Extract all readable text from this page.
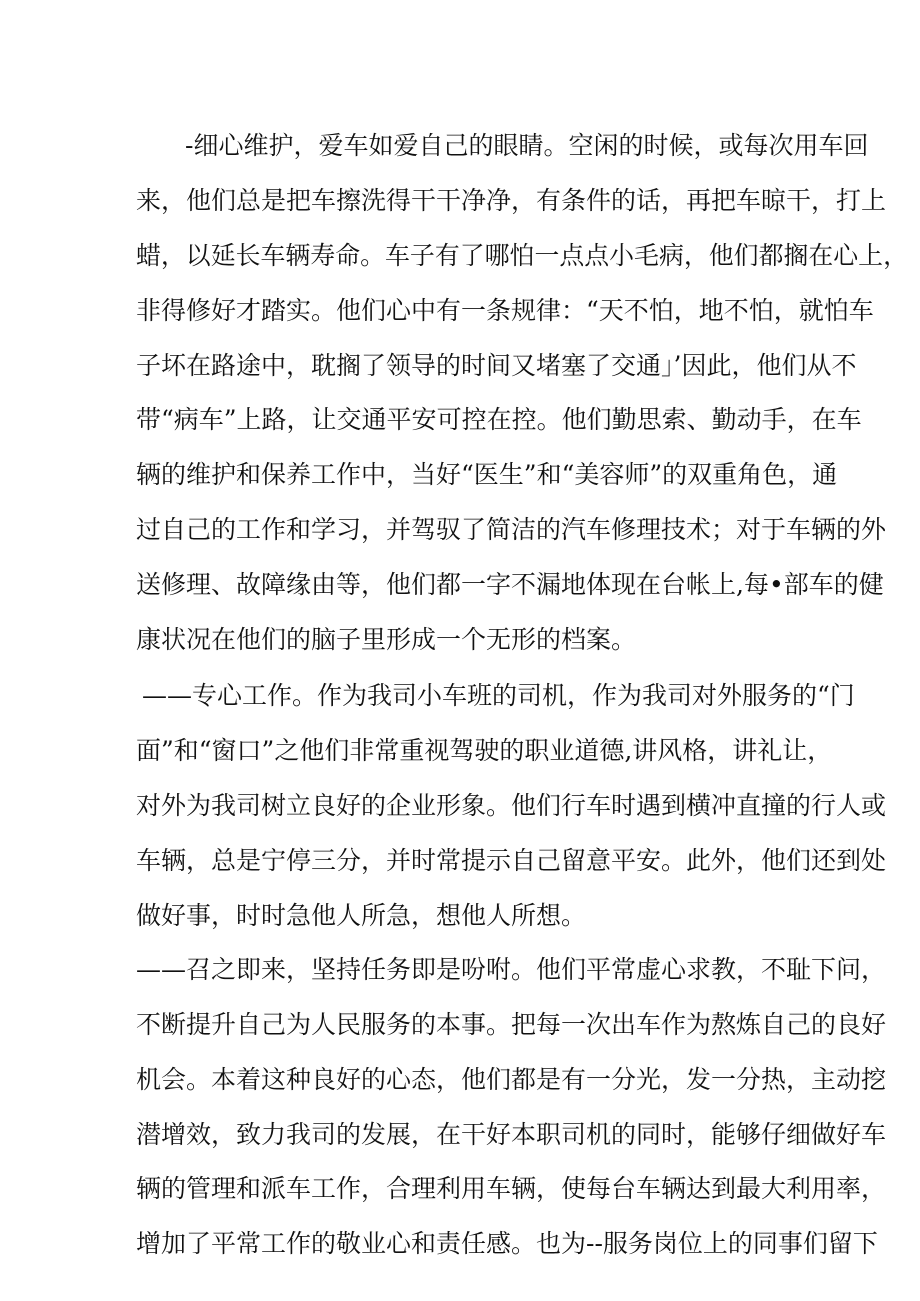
-细心维护，爱车如爱自己的眼睛。空闲的时候，或每次用车回
来，他们总是把车擦洗得干干净净，有条件的话，再把车晾干，打上
蜡，以延长车辆寿命。车子有了哪怕一点点小毛病，他们都搁在心上，
非得修好才踏实。他们心中有一条规律：“天不怕，地不怕，就怕车
子坏在路途中，耽搁了领导的时间又堵塞了交通」’因此，他们从不
带“病车”上路，让交通平安可控在控。他们勤思索、勤动手，在车
辆的维护和保养工作中，当好“医生”和“美容师”的双重角色，通
过自己的工作和学习，并驾驭了简洁的汽车修理技术；对于车辆的外
送修理、故障缘由等，他们都一字不漏地体现在台帐上,每•部车的健
康状况在他们的脑子里形成一个无形的档案。
——专心工作。作为我司小车班的司机，作为我司对外服务的“门
面”和“窗口”之他们非常重视驾驶的职业道德,讲风格，讲礼让，
对外为我司树立良好的企业形象。他们行车时遇到横冲直撞的行人或
车辆，总是宁停三分，并时常提示自己留意平安。此外，他们还到处
做好事，时时急他人所急，想他人所想。
——召之即来，坚持任务即是吩咐。他们平常虚心求教，不耻下问，
不断提升自己为人民服务的本事。把每一次出车作为熬炼自己的良好
机会。本着这种良好的心态，他们都是有一分光，发一分热，主动挖
潜增效，致力我司的发展，在干好本职司机的同时，能够仔细做好车
辆的管理和派车工作，合理利用车辆，使每台车辆达到最大利用率，
增加了平常工作的敬业心和责任感。也为--服务岗位上的同事们留下
